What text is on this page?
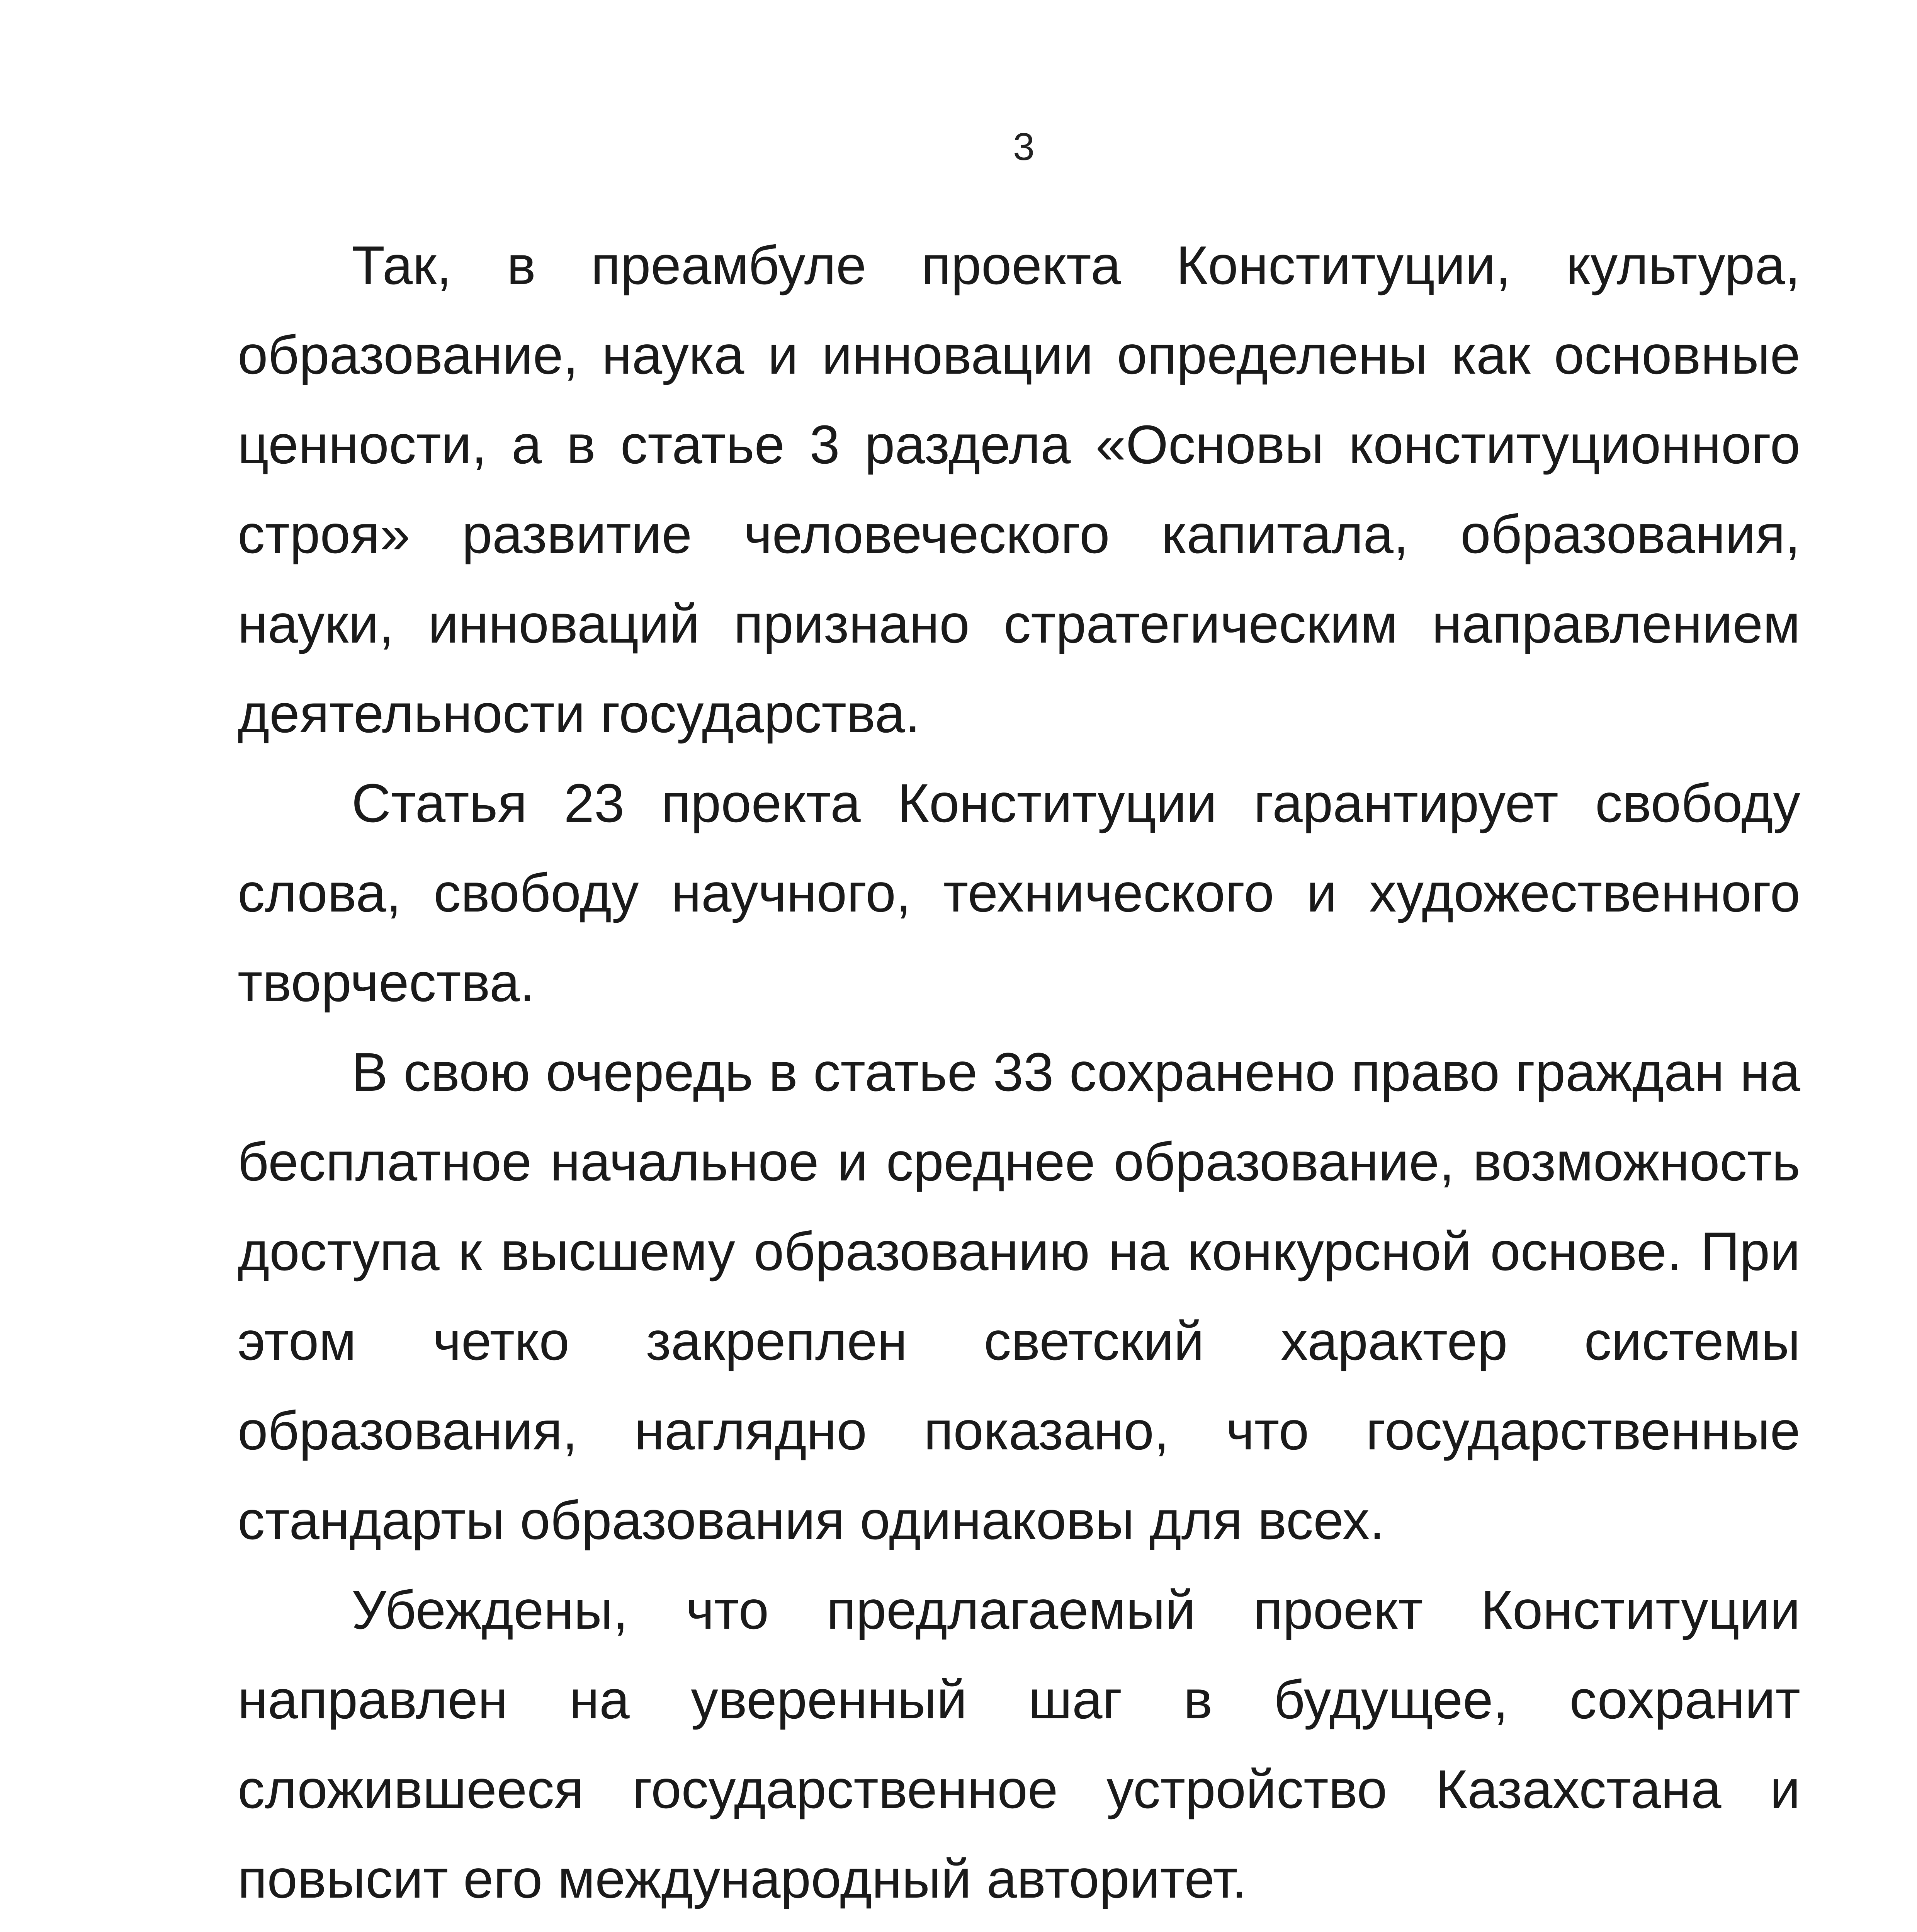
3

Так, в преамбуле проекта Конституции, культура, образование, наука и инновации определены как основные ценности, а в статье 3 раздела «Основы конституционного строя» развитие человеческого капитала, образования, науки, инноваций признано стратегическим направлением деятельности государства.

Статья 23 проекта Конституции гарантирует свободу слова, свободу научного, технического и художественного творчества.

В свою очередь в статье 33 сохранено право граждан на бесплатное начальное и среднее образование, возможность доступа к высшему образованию на конкурсной основе. При этом четко закреплен светский характер системы образования, наглядно показано, что государственные стандарты образования одинаковы для всех.

Убеждены, что предлагаемый проект Конституции направлен на уверенный шаг в будущее, сохранит сложившееся государственное устройство Казахстана и повысит его международный авторитет.
